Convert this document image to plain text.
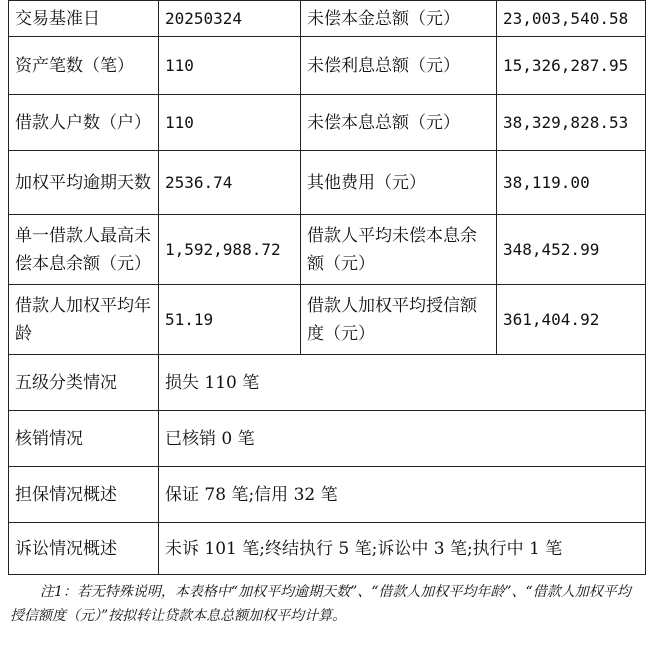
交易基准日	20250324	未偿本金总额（元）	23,003,540.58
资产笔数（笔）	110	未偿利息总额（元）	15,326,287.95
借款人户数（户）	110	未偿本息总额（元）	38,329,828.53
加权平均逾期天数	2536.74	其他费用（元）	38,119.00
单一借款人最高未偿本息余额（元）	1,592,988.72	借款人平均未偿本息余额（元）	348,452.99
借款人加权平均年龄	51.19	借款人加权平均授信额度（元）	361,404.92
五级分类情况	损失 110 笔		
核销情况	已核销 0 笔		
担保情况概述	保证 78 笔;信用 32 笔		
诉讼情况概述	未诉 101 笔;终结执行 5 笔;诉讼中 3 笔;执行中 1 笔		
注1：若无特殊说明，本表格中“加权平均逾期天数”、“借款人加权平均年龄”、“借款人加权平均授信额度（元）”按拟转让贷款本息总额加权平均计算。
